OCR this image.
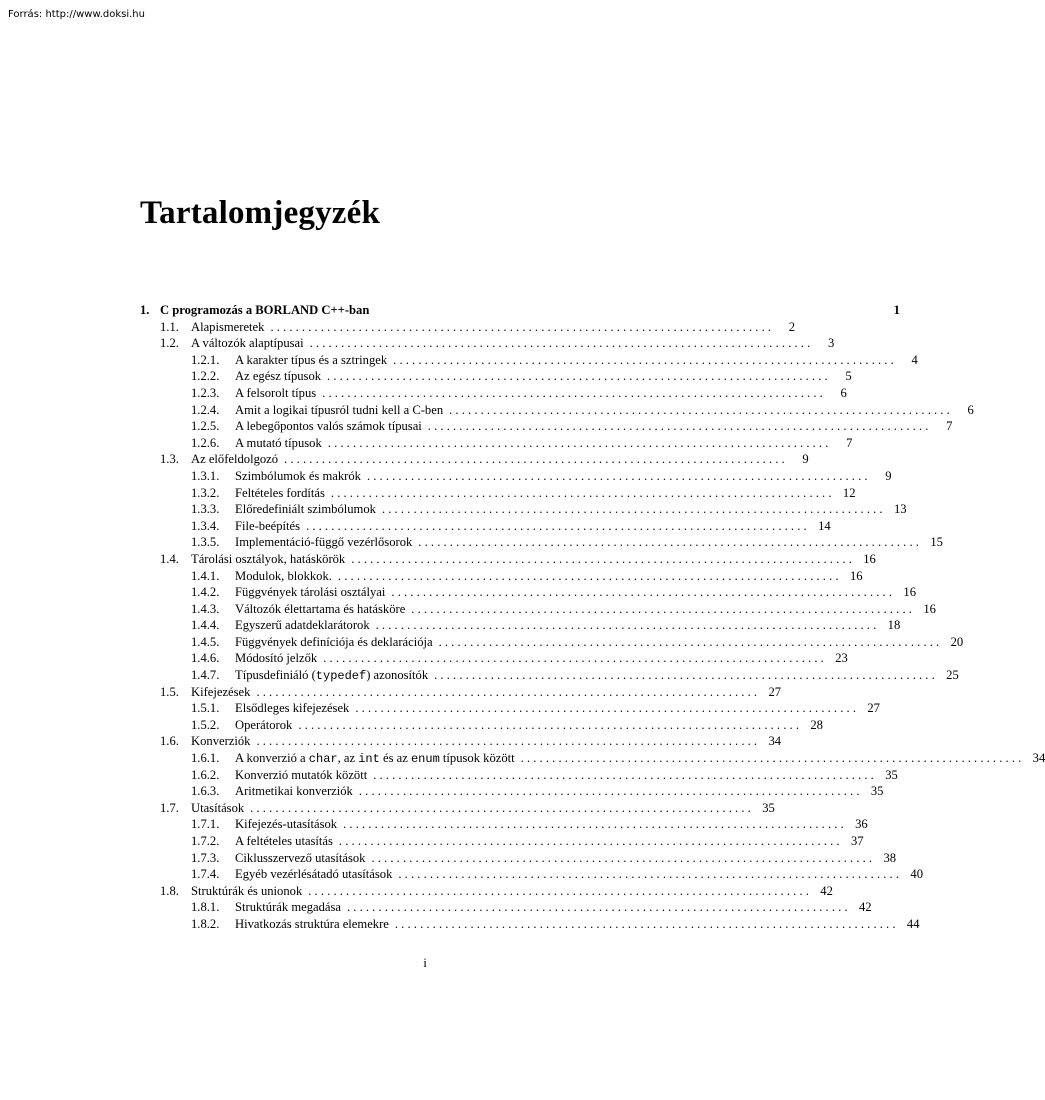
Forrás: http://www.doksi.hu
Tartalomjegyzék
1. C programozás a BORLAND C++-ban	1
1.1. Alapismeretek . . . . . . . . . . . . . . . . . . . . . . . . . . . . . . . . . . . . . . . . . . . . . . . . . . . . . . . . . . . . . . . . . . . . . . . . . . . . . . . .	2
1.2. A változók alaptípusai . . . . . . . . . . . . . . . . . . . . . . . . . . . . . . . . . . . . . . . . . . . . . . . . . . . . . . . . . . . . . . . . . . . . . . . . . . . . . . . .	3
1.2.1.	A karakter típus és a sztringek . . . . . . . . . . . . . . . . . . . . . . . . . . . . . . . . . . . . . . . . . . . . . . . . . . . . . . . . . . . . . . . . . . . . . . . . . . . . . . . .	4
1.2.2.	Az egész típusok . . . . . . . . . . . . . . . . . . . . . . . . . . . . . . . . . . . . . . . . . . . . . . . . . . . . . . . . . . . . . . . . . . . . . . . . . . . . . . . .	5
1.2.3.	A felsorolt típus . . . . . . . . . . . . . . . . . . . . . . . . . . . . . . . . . . . . . . . . . . . . . . . . . . . . . . . . . . . . . . . . . . . . . . . . . . . . . . . .	6
1.2.4.	Amit a logikai típusról tudni kell a C-ben . . . . . . . . . . . . . . . . . . . . . . . . . . . . . . . . . . . . . . . . . . . . . . . . . . . . . . . . . . . . . . . . . . . . . . . . . . . . . . . .	6
1.2.5.	A lebegőpontos valós számok típusai . . . . . . . . . . . . . . . . . . . . . . . . . . . . . . . . . . . . . . . . . . . . . . . . . . . . . . . . . . . . . . . . . . . . . . . . . . . . . . . .	7
1.2.6.	A mutató típusok . . . . . . . . . . . . . . . . . . . . . . . . . . . . . . . . . . . . . . . . . . . . . . . . . . . . . . . . . . . . . . . . . . . . . . . . . . . . . . . .	7
1.3. Az előfeldolgozó . . . . . . . . . . . . . . . . . . . . . . . . . . . . . . . . . . . . . . . . . . . . . . . . . . . . . . . . . . . . . . . . . . . . . . . . . . . . . . . .	9
1.3.1.	Szimbólumok és makrók . . . . . . . . . . . . . . . . . . . . . . . . . . . . . . . . . . . . . . . . . . . . . . . . . . . . . . . . . . . . . . . . . . . . . . . . . . . . . . . .	9
1.3.2.	Feltételes fordítás . . . . . . . . . . . . . . . . . . . . . . . . . . . . . . . . . . . . . . . . . . . . . . . . . . . . . . . . . . . . . . . . . . . . . . . . . . . . . . . . 12
1.3.3.	Előredefiniált szimbólumok . . . . . . . . . . . . . . . . . . . . . . . . . . . . . . . . . . . . . . . . . . . . . . . . . . . . . . . . . . . . . . . . . . . . . . . . . . . . . . . . 13
1.3.4.	File-beépítés . . . . . . . . . . . . . . . . . . . . . . . . . . . . . . . . . . . . . . . . . . . . . . . . . . . . . . . . . . . . . . . . . . . . . . . . . . . . . . . . 14
1.3.5.	Implementáció-függő vezérlősorok . . . . . . . . . . . . . . . . . . . . . . . . . . . . . . . . . . . . . . . . . . . . . . . . . . . . . . . . . . . . . . . . . . . . . . . . . . . . . . . . 15
1.4. Tárolási osztályok, hatáskörök . . . . . . . . . . . . . . . . . . . . . . . . . . . . . . . . . . . . . . . . . . . . . . . . . . . . . . . . . . . . . . . . . . . . . . . . . . . . . . . . 16
1.4.1.	Modulok, blokkok. . . . . . . . . . . . . . . . . . . . . . . . . . . . . . . . . . . . . . . . . . . . . . . . . . . . . . . . . . . . . . . . . . . . . . . . . . . . . . . . . 16
1.4.2.	Függvények tárolási osztályai . . . . . . . . . . . . . . . . . . . . . . . . . . . . . . . . . . . . . . . . . . . . . . . . . . . . . . . . . . . . . . . . . . . . . . . . . . . . . . . . 16
1.4.3.	Változók élettartama és hatásköre . . . . . . . . . . . . . . . . . . . . . . . . . . . . . . . . . . . . . . . . . . . . . . . . . . . . . . . . . . . . . . . . . . . . . . . . . . . . . . . . 16
1.4.4.	Egyszerű adatdeklarátorok . . . . . . . . . . . . . . . . . . . . . . . . . . . . . . . . . . . . . . . . . . . . . . . . . . . . . . . . . . . . . . . . . . . . . . . . . . . . . . . . 18
1.4.5.	Függvények definíciója és deklarációja . . . . . . . . . . . . . . . . . . . . . . . . . . . . . . . . . . . . . . . . . . . . . . . . . . . . . . . . . . . . . . . . . . . . . . . . . . . . . . . . 20
1.4.6.	Módosító jelzők . . . . . . . . . . . . . . . . . . . . . . . . . . . . . . . . . . . . . . . . . . . . . . . . . . . . . . . . . . . . . . . . . . . . . . . . . . . . . . . . 23
1.4.7.	Típusdefiniáló (typedef) azonosítók . . . . . . . . . . . . . . . . . . . . . . . . . . . . . . . . . . . . . . . . . . . . . . . . . . . . . . . . . . . . . . . . . . . . . . . . . . . . . . . . 25
1.5. Kifejezések . . . . . . . . . . . . . . . . . . . . . . . . . . . . . . . . . . . . . . . . . . . . . . . . . . . . . . . . . . . . . . . . . . . . . . . . . . . . . . . . 27
1.5.1.	Elsődleges kifejezések . . . . . . . . . . . . . . . . . . . . . . . . . . . . . . . . . . . . . . . . . . . . . . . . . . . . . . . . . . . . . . . . . . . . . . . . . . . . . . . . 27
1.5.2.	Operátorok . . . . . . . . . . . . . . . . . . . . . . . . . . . . . . . . . . . . . . . . . . . . . . . . . . . . . . . . . . . . . . . . . . . . . . . . . . . . . . . . 28
1.6. Konverziók . . . . . . . . . . . . . . . . . . . . . . . . . . . . . . . . . . . . . . . . . . . . . . . . . . . . . . . . . . . . . . . . . . . . . . . . . . . . . . . . 34
1.6.1.	A konverzió a char, az int és az enum típusok között . . . . . . . . . . . . . . . . . . . . . . . . . . . . . . . . . . . . . . . . . . . . . . . . . . . . . . . . . . . . . . . . . . . . . . . . . . . . . . . . 34
1.6.2.	Konverzió mutatók között . . . . . . . . . . . . . . . . . . . . . . . . . . . . . . . . . . . . . . . . . . . . . . . . . . . . . . . . . . . . . . . . . . . . . . . . . . . . . . . . 35
1.6.3.	Aritmetikai konverziók . . . . . . . . . . . . . . . . . . . . . . . . . . . . . . . . . . . . . . . . . . . . . . . . . . . . . . . . . . . . . . . . . . . . . . . . . . . . . . . . 35
1.7. Utasítások . . . . . . . . . . . . . . . . . . . . . . . . . . . . . . . . . . . . . . . . . . . . . . . . . . . . . . . . . . . . . . . . . . . . . . . . . . . . . . . . 35
1.7.1.	Kifejezés-utasítások . . . . . . . . . . . . . . . . . . . . . . . . . . . . . . . . . . . . . . . . . . . . . . . . . . . . . . . . . . . . . . . . . . . . . . . . . . . . . . . . 36
1.7.2.	A feltételes utasítás . . . . . . . . . . . . . . . . . . . . . . . . . . . . . . . . . . . . . . . . . . . . . . . . . . . . . . . . . . . . . . . . . . . . . . . . . . . . . . . . 37
1.7.3.	Ciklusszervező utasítások . . . . . . . . . . . . . . . . . . . . . . . . . . . . . . . . . . . . . . . . . . . . . . . . . . . . . . . . . . . . . . . . . . . . . . . . . . . . . . . . 38
1.7.4.	Egyéb vezérlésátadó utasítások . . . . . . . . . . . . . . . . . . . . . . . . . . . . . . . . . . . . . . . . . . . . . . . . . . . . . . . . . . . . . . . . . . . . . . . . . . . . . . . . 40
1.8. Struktúrák és unionok . . . . . . . . . . . . . . . . . . . . . . . . . . . . . . . . . . . . . . . . . . . . . . . . . . . . . . . . . . . . . . . . . . . . . . . . . . . . . . . . 42
1.8.1.	Struktúrák megadása . . . . . . . . . . . . . . . . . . . . . . . . . . . . . . . . . . . . . . . . . . . . . . . . . . . . . . . . . . . . . . . . . . . . . . . . . . . . . . . . 42
1.8.2.	Hivatkozás struktúra elemekre . . . . . . . . . . . . . . . . . . . . . . . . . . . . . . . . . . . . . . . . . . . . . . . . . . . . . . . . . . . . . . . . . . . . . . . . . . . . . . . . 44
i
